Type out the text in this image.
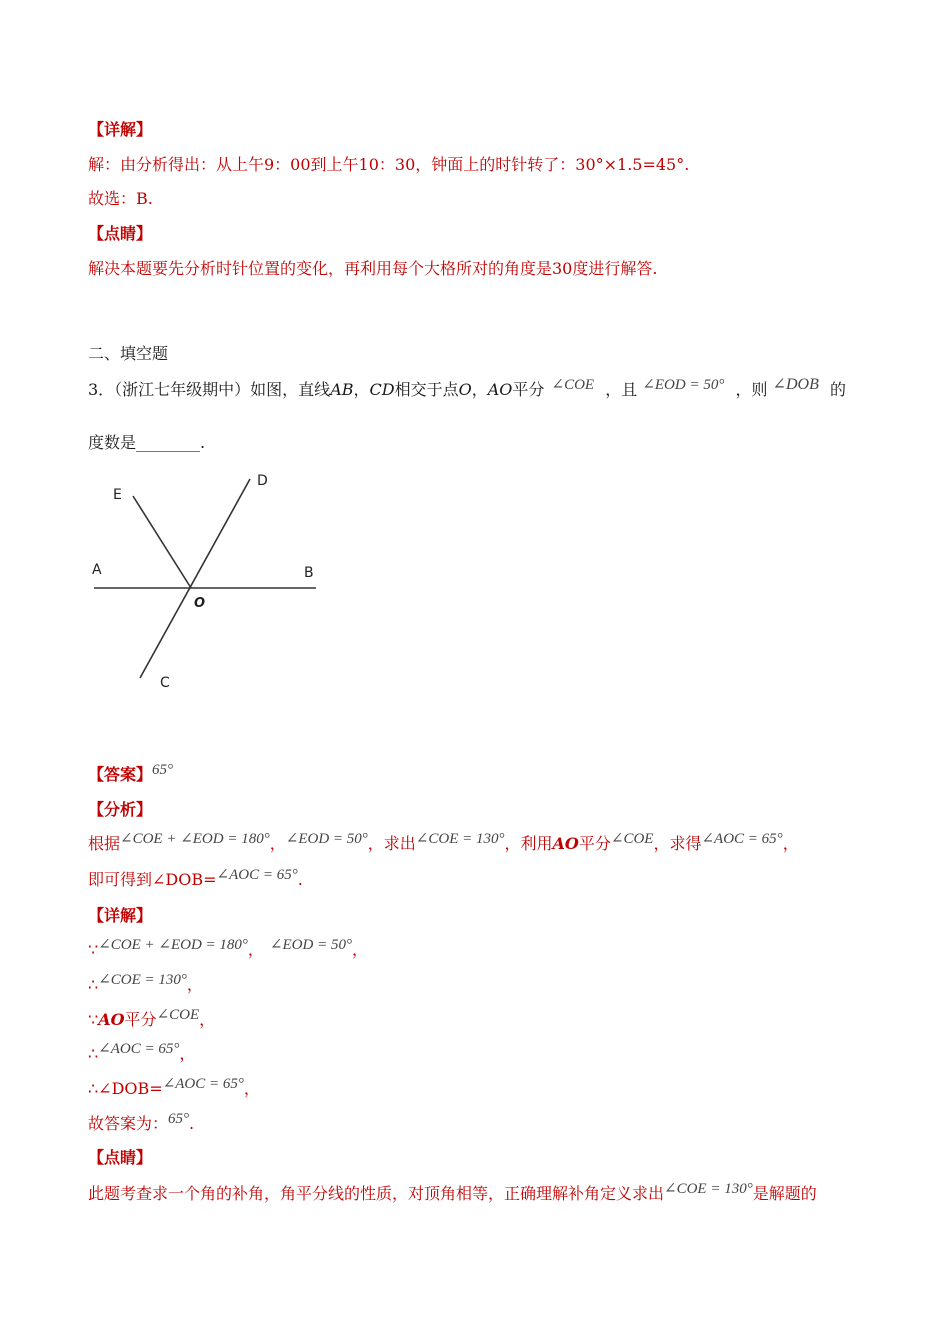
【详解】
解：由分析得出：从上午9：00到上午10：30，钟面上的时针转了：30°×1.5=45°.
故选：B.
【点睛】
解决本题要先分析时针位置的变化，再利用每个大格所对的角度是30度进行解答.
二、填空题
3．（浙江七年级期中）如图，直线AB，CD相交于点O，AO平分 ∠COE ，且 ∠EOD = 50° ，则 ∠DOB 的
度数是________.
E
D
A	B
O
C
【答案】65°
【分析】
根据∠COE + ∠EOD = 180°，∠EOD = 50°，求出∠COE = 130°，利用AO平分∠COE，求得∠AOC = 65°，
即可得到∠DOB=∠AOC = 65°.
【详解】
∵∠COE + ∠EOD = 180°， ∠EOD = 50°，
∴∠COE = 130°，
∵AO平分∠COE，
∴∠AOC = 65°，
∴∠DOB=∠AOC = 65°，
故答案为：65°.
【点睛】
此题考查求一个角的补角，角平分线的性质，对顶角相等，正确理解补角定义求出∠COE = 130°是解题的
